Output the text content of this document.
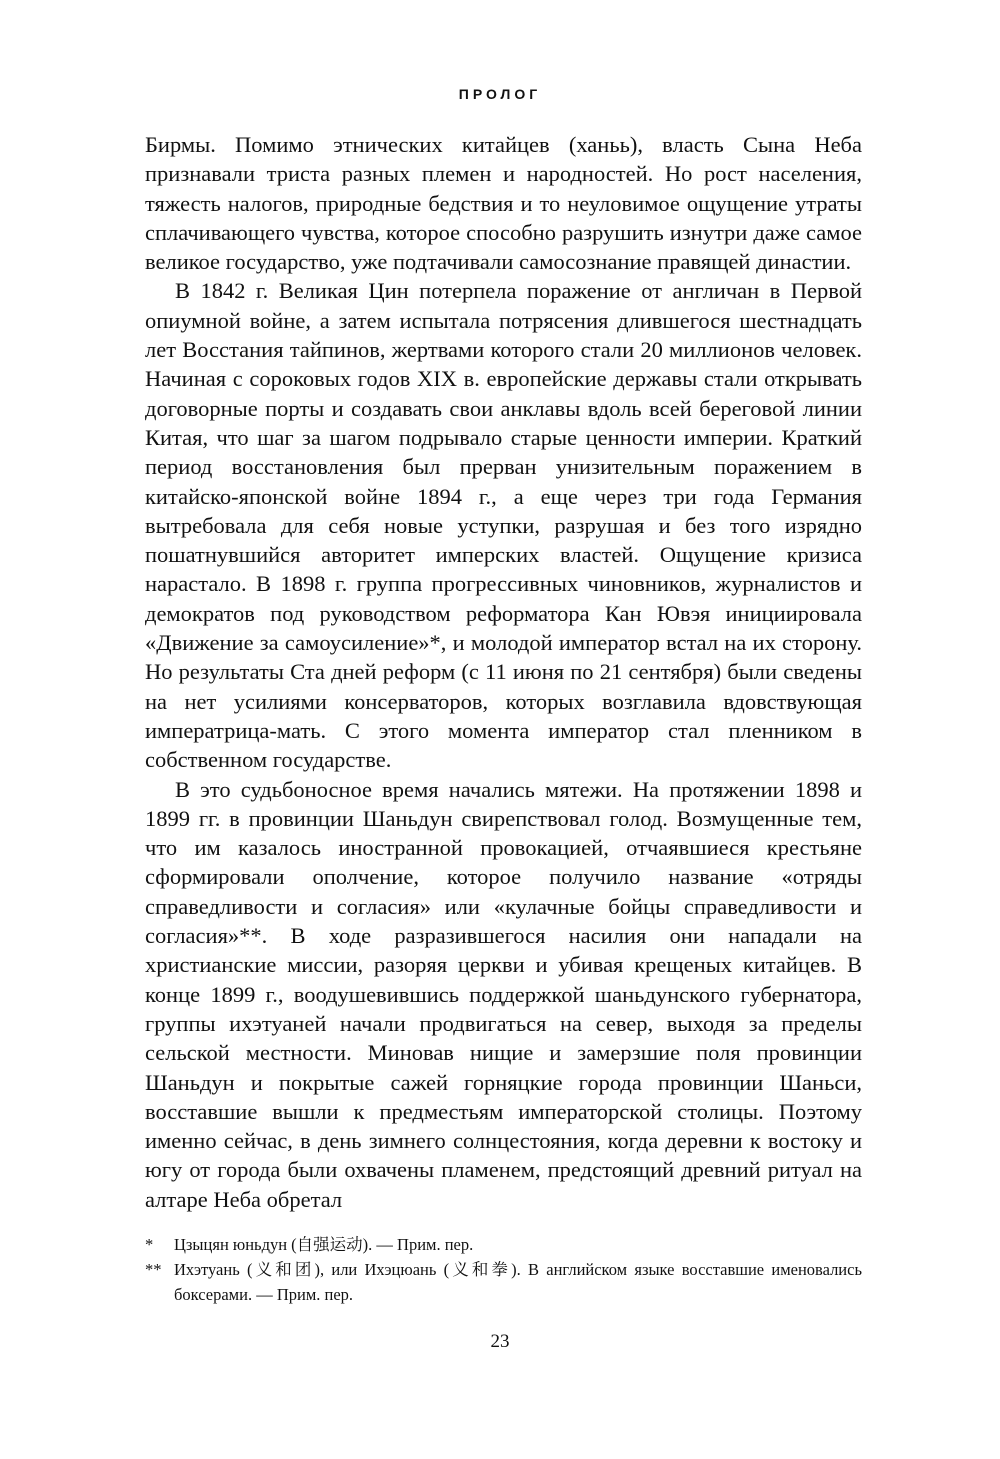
ПРОЛОГ

Бирмы. Помимо этнических китайцев (ханьь), власть Сына Неба признавали триста разных племен и народностей. Но рост населения, тяжесть налогов, природные бедствия и то неуловимое ощущение утраты сплачивающего чувства, которое способно разрушить изнутри даже самое великое государство, уже подтачивали самосознание правящей династии.

В 1842 г. Великая Цин потерпела поражение от англичан в Первой опиумной войне, а затем испытала потрясения длившегося шестнадцать лет Восстания тайпинов, жертвами которого стали 20 миллионов человек. Начиная с сороковых годов XIX в. европейские державы стали открывать договорные порты и создавать свои анклавы вдоль всей береговой линии Китая, что шаг за шагом подрывало старые ценности империи. Краткий период восстановления был прерван унизительным поражением в китайско-японской войне 1894 г., а еще через три года Германия вытребовала для себя новые уступки, разрушая и без того изрядно пошатнувшийся авторитет имперских властей. Ощущение кризиса нарастало. В 1898 г. группа прогрессивных чиновников, журналистов и демократов под руководством реформатора Кан Ювэя инициировала «Движение за самоусиление»*, и молодой император встал на их сторону. Но результаты Ста дней реформ (с 11 июня по 21 сентября) были сведены на нет усилиями консерваторов, которых возглавила вдовствующая императрица-мать. С этого момента император стал пленником в собственном государстве.

В это судьбоносное время начались мятежи. На протяжении 1898 и 1899 гг. в провинции Шаньдун свирепствовал голод. Возмущенные тем, что им казалось иностранной провокацией, отчаявшиеся крестьяне сформировали ополчение, которое получило название «отряды справедливости и согласия» или «кулачные бойцы справедливости и согласия»**. В ходе разразившегося насилия они нападали на христианские миссии, разоряя церкви и убивая крещеных китайцев. В конце 1899 г., воодушевившись поддержкой шаньдунского губернатора, группы ихэтуаней начали продвигаться на север, выходя за пределы сельской местности. Миновав нищие и замерзшие поля провинции Шаньдун и покрытые сажей горняцкие города провинции Шаньси, восставшие вышли к предместьям императорской столицы. Поэтому именно сейчас, в день зимнего солнцестояния, когда деревни к востоку и югу от города были охвачены пламенем, предстоящий древний ритуал на алтаре Неба обретал

* Цзыцян юньдун (自强运动). — Прим. пер.
** Ихэтуань (义和团), или Ихэцюань (义和拳). В английском языке восставшие именовались боксерами. — Прим. пер.
23
